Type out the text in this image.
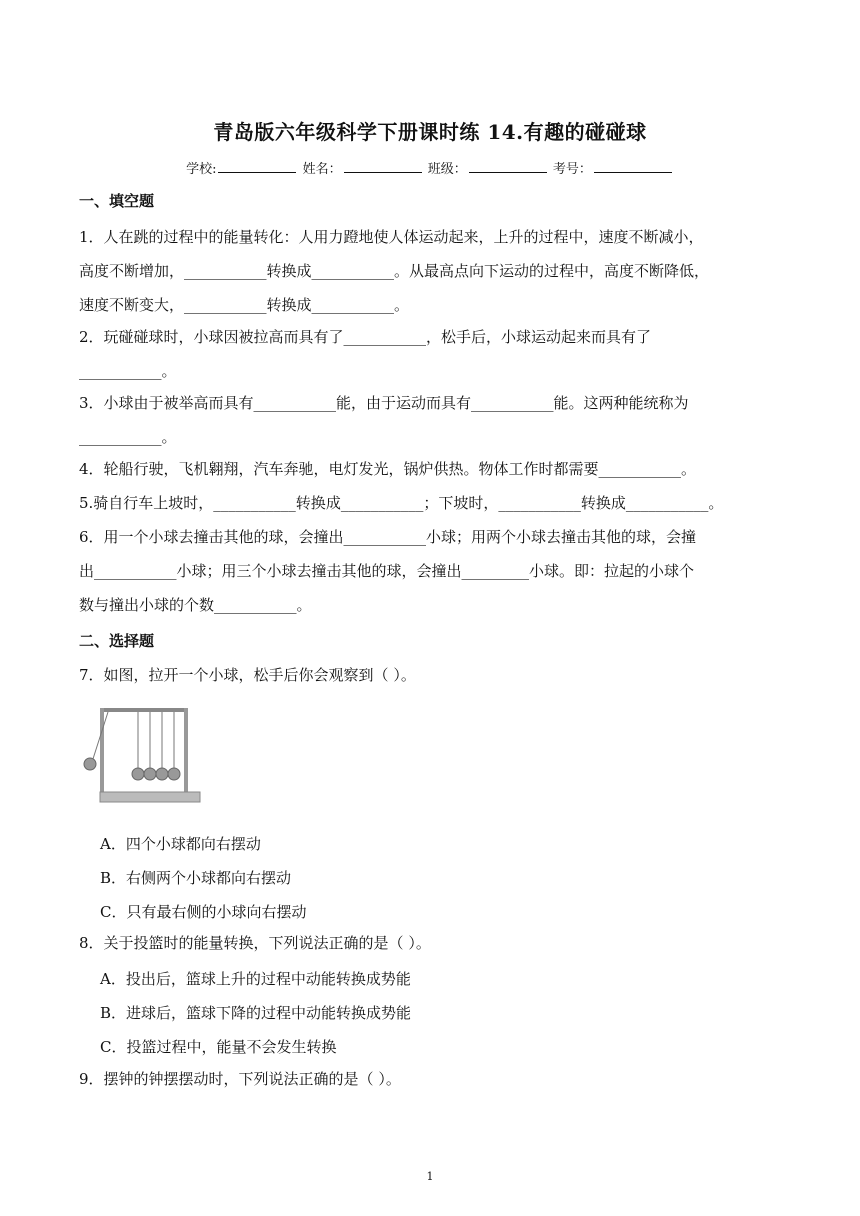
青岛版六年级科学下册课时练 14.有趣的碰碰球
学校:	姓名：	班级：	考号：
一、填空题
1．人在跳的过程中的能量转化：人用力蹬地使人体运动起来，上升的过程中，速度不断减小，
高度不断增加，___________转换成___________。从最高点向下运动的过程中，高度不断降低，
速度不断变大，___________转换成___________。
2．玩碰碰球时，小球因被拉高而具有了___________，松手后，小球运动起来而具有了
___________。
3．小球由于被举高而具有___________能，由于运动而具有___________能。这两种能统称为
___________。
4．轮船行驶，飞机翱翔，汽车奔驰，电灯发光，锅炉供热。物体工作时都需要___________。
5.骑自行车上坡时，___________转换成___________；下坡时，___________转换成___________。
6．用一个小球去撞击其他的球，会撞出___________小球；用两个小球去撞击其他的球，会撞
出___________小球；用三个小球去撞击其他的球，会撞出_________小球。即：拉起的小球个
数与撞出小球的个数___________。
二、选择题
7．如图，拉开一个小球，松手后你会观察到（ ）。
A．四个小球都向右摆动
B．右侧两个小球都向右摆动
C．只有最右侧的小球向右摆动
8．关于投篮时的能量转换，下列说法正确的是（ ）。
A．投出后，篮球上升的过程中动能转换成势能
B．进球后，篮球下降的过程中动能转换成势能
C．投篮过程中，能量不会发生转换
9．摆钟的钟摆摆动时，下列说法正确的是（ ）。
1
